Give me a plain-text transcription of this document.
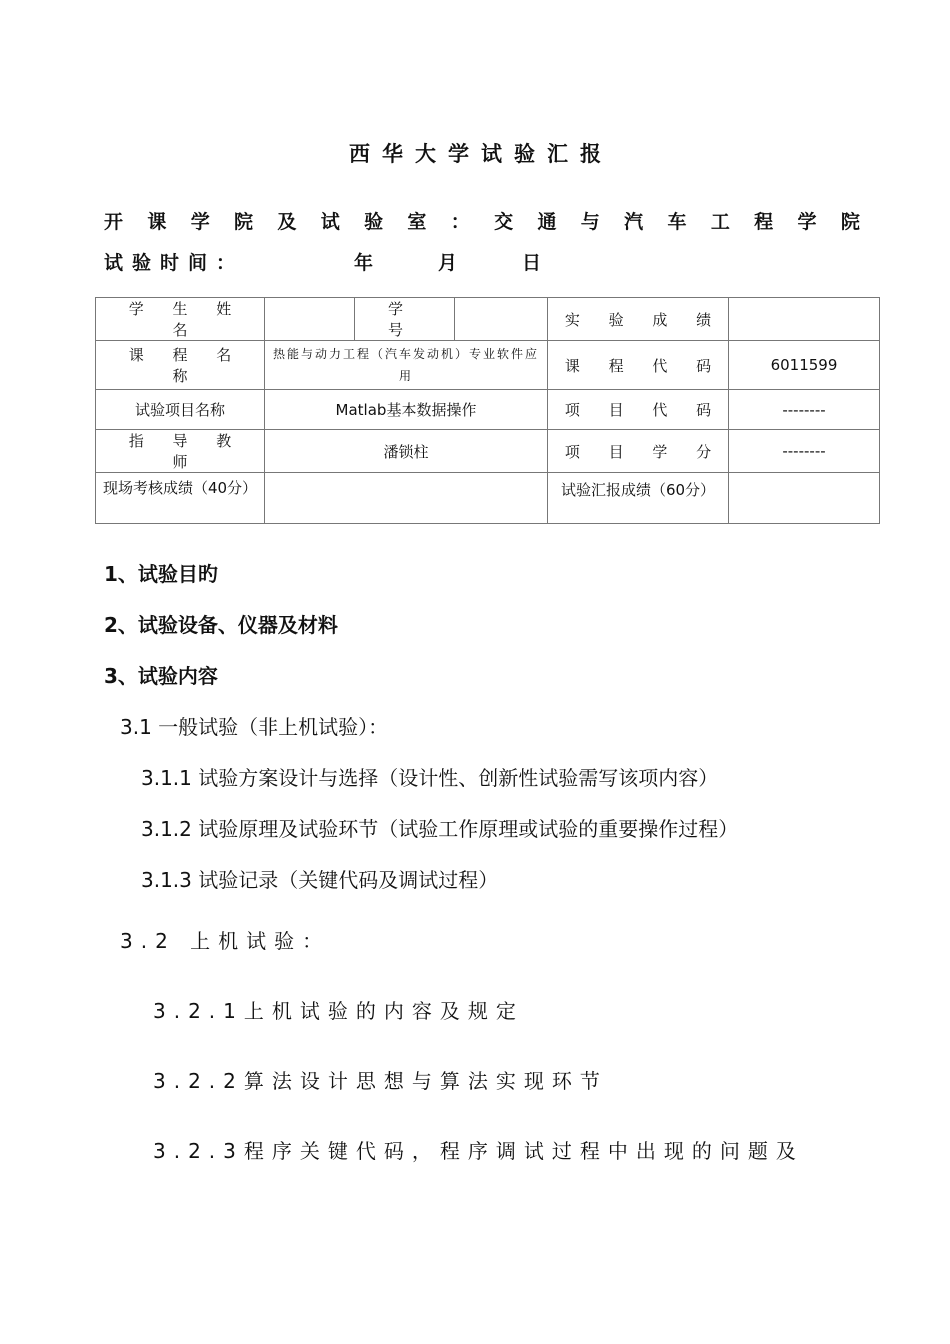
西华大学试验汇报
开 课 学 院 及 试 验 室 ： 交 通 与 汽 车 工 程 学 院
试验时间：	年	月	日
学 生 姓 名		学 号		实 验 成 绩	
课 程 名 称	热能与动力工程（汽车发动机）专业软件应用			课 程 代 码	6011599
试验项目名称	Matlab基本数据操作			项 目 代 码	--------
指 导 教 师	潘锁柱			项 目 学 分	--------
现场考核成绩（40分）				试验汇报成绩（60分）	
1、试验目旳
2、试验设备、仪器及材料
3、试验内容
3.1 一般试验（非上机试验）：
3.1.1 试验方案设计与选择（设计性、创新性试验需写该项内容）
3.1.2 试验原理及试验环节（试验工作原理或试验的重要操作过程）
3.1.3 试验记录（关键代码及调试过程）
3.2 上机试验：
3.2.1上机试验的内容及规定
3.2.2算法设计思想与算法实现环节
3.2.3程序关键代码，程序调试过程中出现的问题及
